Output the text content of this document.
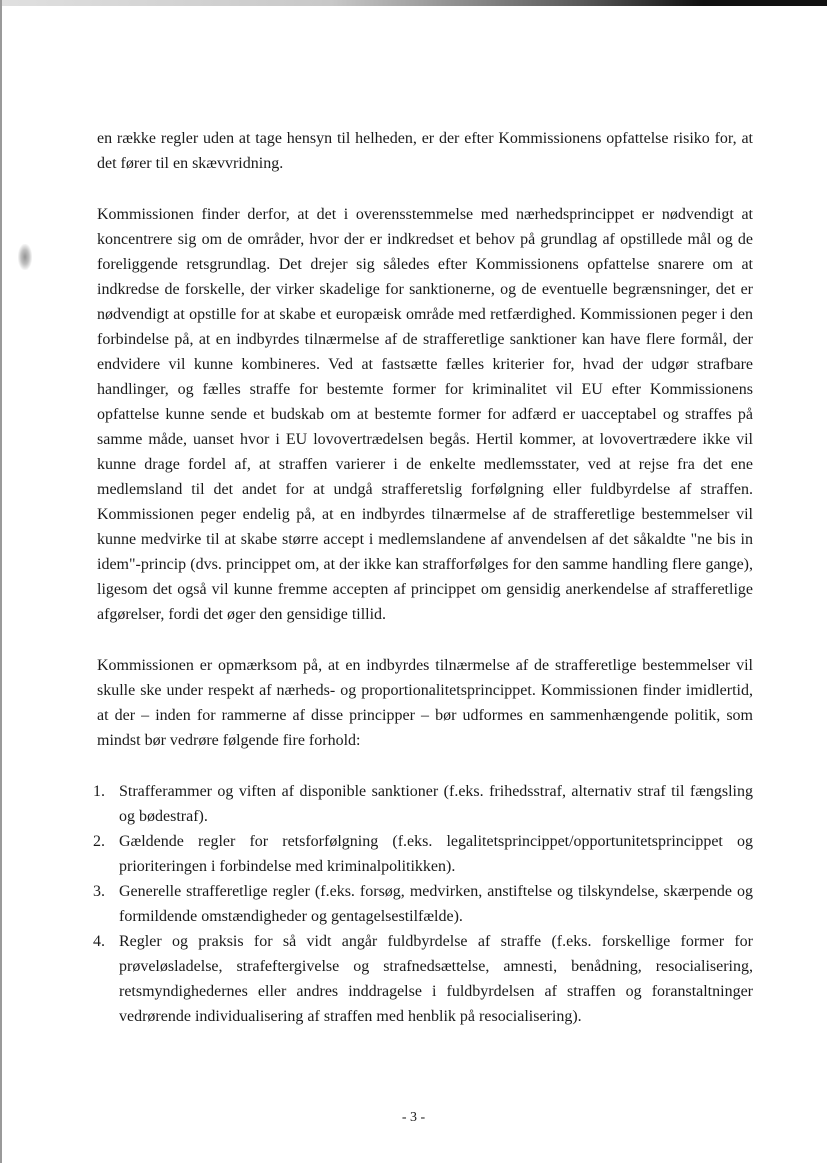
en række regler uden at tage hensyn til helheden, er der efter Kommissionens opfattelse risiko for, at det fører til en skævvridning.

Kommissionen finder derfor, at det i overensstemmelse med nærhedsprincippet er nødvendigt at koncentrere sig om de områder, hvor der er indkredset et behov på grundlag af opstillede mål og de foreliggende retsgrundlag. Det drejer sig således efter Kommissionens opfattelse snarere om at indkredse de forskelle, der virker skadelige for sanktionerne, og de eventuelle begrænsninger, det er nødvendigt at opstille for at skabe et europæisk område med retfærdighed. Kommissionen peger i den forbindelse på, at en indbyrdes tilnærmelse af de strafferetlige sanktioner kan have flere formål, der endvidere vil kunne kombineres. Ved at fastsætte fælles kriterier for, hvad der udgør strafbare handlinger, og fælles straffe for bestemte former for kriminalitet vil EU efter Kommissionens opfattelse kunne sende et budskab om at bestemte former for adfærd er uacceptabel og straffes på samme måde, uanset hvor i EU lovovertrædelsen begås. Hertil kommer, at lovovertrædere ikke vil kunne drage fordel af, at straffen varierer i de enkelte medlemsstater, ved at rejse fra det ene medlemsland til det andet for at undgå strafferetslig forfølgning eller fuldbyrdelse af straffen. Kommissionen peger endelig på, at en indbyrdes tilnærmelse af de strafferetlige bestemmelser vil kunne medvirke til at skabe større accept i medlemslandene af anvendelsen af det såkaldte "ne bis in idem"-princip (dvs. princippet om, at der ikke kan strafforfølges for den samme handling flere gange), ligesom det også vil kunne fremme accepten af princippet om gensidig anerkendelse af strafferetlige afgørelser, fordi det øger den gensidige tillid.

Kommissionen er opmærksom på, at en indbyrdes tilnærmelse af de strafferetlige bestemmelser vil skulle ske under respekt af nærheds- og proportionalitetsprincippet. Kommissionen finder imidlertid, at der – inden for rammerne af disse principper – bør udformes en sammenhængende politik, som mindst bør vedrøre følgende fire forhold:

1. Strafferammer og viften af disponible sanktioner (f.eks. frihedsstraf, alternativ straf til fængsling og bødestraf).
2. Gældende regler for retsforfølgning (f.eks. legalitetsprincippet/opportunitetsprincippet og prioriteringen i forbindelse med kriminalpolitikken).
3. Generelle strafferetlige regler (f.eks. forsøg, medvirken, anstiftelse og tilskyndelse, skærpende og formildende omstændigheder og gentagelsestilfælde).
4. Regler og praksis for så vidt angår fuldbyrdelse af straffe (f.eks. forskellige former for prøveløsladelse, strafeftergivelse og strafnedsættelse, amnesti, benådning, resocialisering, retsmyndighedernes eller andres inddragelse i fuldbyrdelsen af straffen og foranstaltninger vedrørende individualisering af straffen med henblik på resocialisering).
- 3 -
